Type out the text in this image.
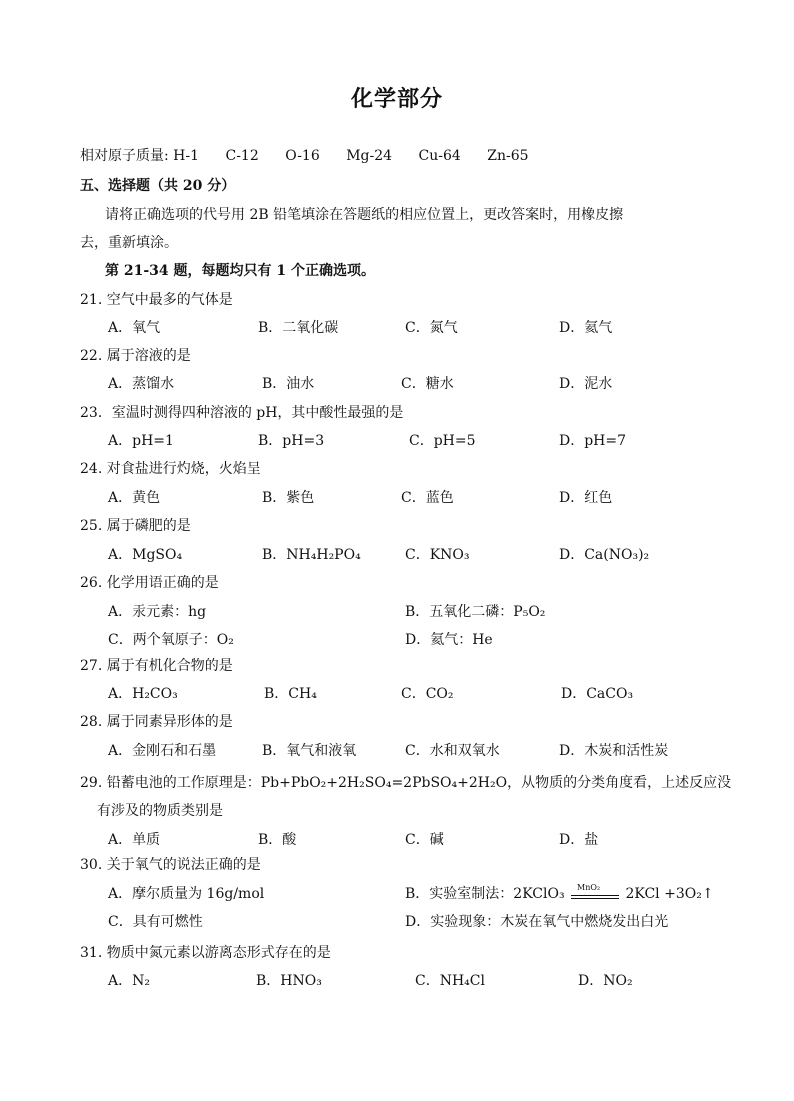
化学部分
相对原子质量: H-1 C-12 O-16 Mg-24 Cu-64 Zn-65
五、选择题（共 20 分）
请将正确选项的代号用 2B 铅笔填涂在答题纸的相应位置上，更改答案时，用橡皮擦
去，重新填涂。
第 21-34 题，每题均只有 1 个正确选项。
21. 空气中最多的气体是
A．氧气	B．二氧化碳	C．氮气	D．氦气
22. 属于溶液的是
A．蒸馏水	B．油水	C．糖水	D．泥水
23．室温时测得四种溶液的 pH，其中酸性最强的是
A．pH=1	B．pH=3	C．pH=5	D．pH=7
24. 对食盐进行灼烧，火焰呈
A．黄色	B．紫色	C．蓝色	D．红色
25. 属于磷肥的是
A．MgSO₄	B．NH₄H₂PO₄	C．KNO₃	D．Ca(NO₃)₂
26. 化学用语正确的是
A．汞元素：hg	B．五氧化二磷：P₅O₂
C．两个氧原子：O₂	D．氦气：He
27. 属于有机化合物的是
A．H₂CO₃	B．CH₄	C．CO₂	D．CaCO₃
28. 属于同素异形体的是
A．金刚石和石墨	B．氧气和液氧	C．水和双氧水	D．木炭和活性炭
29. 铅蓄电池的工作原理是：Pb+PbO₂+2H₂SO₄=2PbSO₄+2H₂O，从物质的分类角度看，上述反应没
有涉及的物质类别是
A．单质	B．酸	C．碱	D．盐
30. 关于氧气的说法正确的是
A．摩尔质量为 16g/mol	B．实验室制法：2KClO₃ MnO₂ 2KCl +3O₂↑
C．具有可燃性	D．实验现象：木炭在氧气中燃烧发出白光
31. 物质中氮元素以游离态形式存在的是
A．N₂	B．HNO₃	C．NH₄Cl	D．NO₂
